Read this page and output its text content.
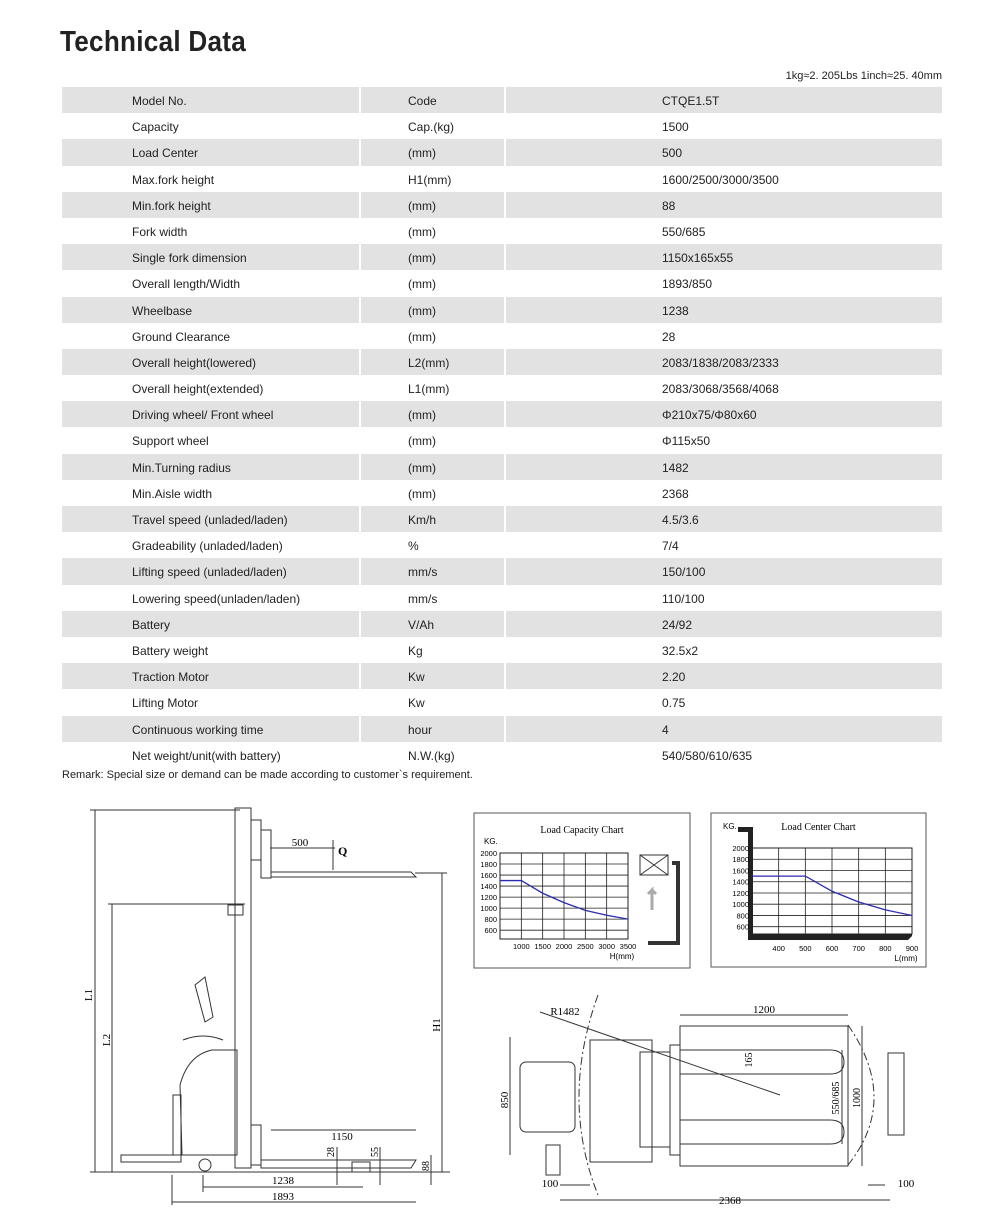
Technical Data
1kg≈2. 205Lbs 1inch≈25. 40mm
Model No.	Code	CTQE1.5T
Capacity	Cap.(kg)	1500
Load Center	(mm)	500
Max.fork height	H1(mm)	1600/2500/3000/3500
Min.fork height	(mm)	88
Fork width	(mm)	550/685
Single fork dimension	(mm)	1150x165x55
Overall length/Width	(mm)	1893/850
Wheelbase	(mm)	1238
Ground Clearance	(mm)	28
Overall height(lowered)	L2(mm)	2083/1838/2083/2333
Overall height(extended)	L1(mm)	2083/3068/3568/4068
Driving wheel/ Front wheel	(mm)	Φ210x75/Φ80x60
Support wheel	(mm)	Φ115x50
Min.Turning radius	(mm)	1482
Min.Aisle width	(mm)	2368
Travel speed (unladed/laden)	Km/h	4.5/3.6
Gradeability (unladed/laden)	%	7/4
Lifting speed (unladed/laden)	mm/s	150/100
Lowering speed(unladen/laden)	mm/s	110/100
Battery	V/Ah	24/92
Battery weight	Kg	32.5x2
Traction Motor	Kw	2.20
Lifting Motor	Kw	0.75
Continuous working time	hour	4
Net weight/unit(with battery)	N.W.(kg)	540/580/610/635
Remark: Special size or demand can be made according to customer`s requirement.
L1
L2
H1
500
Q
1150
28	55
88
1238
1893
R1482	1200
165
850	550/685 1000
100	100
2368
Load Capacity Chart
KG.
H(mm)
2000
1800
1600
1400
1200
1000
800
600
1000 1500 2000 2500 3000 3500
Load Center Chart
KG.
L(mm)
2000
1800
1600
1400
1200
1000
800
600
400 500 600 700 800 900
